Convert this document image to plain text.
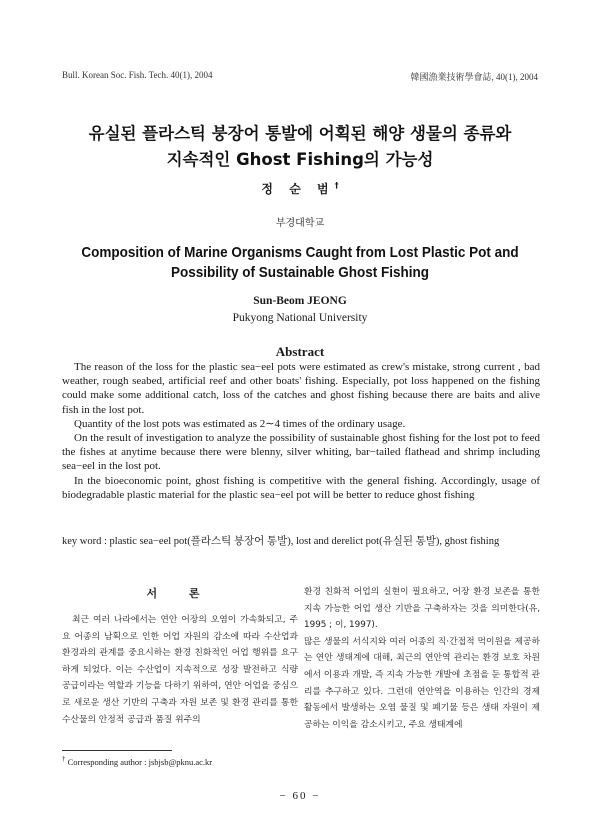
Bull. Korean Soc. Fish. Tech. 40(1), 2004	韓國漁業技術學會誌, 40(1), 2004
유실된 플라스틱 붕장어 통발에 어획된 해양 생물의 종류와
지속적인 Ghost Fishing의 가능성
정 순 범†
부경대학교
Composition of Marine Organisms Caught from Lost Plastic Pot and
Possibility of Sustainable Ghost Fishing
Sun-Beom JEONG
Pukyong National University
Abstract

The reason of the loss for the plastic sea−eel pots were estimated as crew's mistake, strong current , bad weather, rough seabed, artificial reef and other boats' fishing. Especially, pot loss happened on the fishing could make some additional catch, loss of the catches and ghost fishing because there are baits and alive fish in the lost pot.

Quantity of the lost pots was estimated as 2∼4 times of the ordinary usage.

On the result of investigation to analyze the possibility of sustainable ghost fishing for the lost pot to feed the fishes at anytime because there were blenny, silver whiting, bar−tailed flathead and shrimp including sea−eel in the lost pot.

In the bioeconomic point, ghost fishing is competitive with the general fishing. Accordingly, usage of biodegradable plastic material for the plastic sea−eel pot will be better to reduce ghost fishing

key word : plastic sea−eel pot(플라스틱 붕장어 통발), lost and derelict pot(유실된 통발), ghost fishing
서 론

최근 여러 나라에서는 연안 어장의 오염이 가속화되고, 주요 어종의 남획으로 인한 어업 자원의 감소에 따라 수산업과 환경과의 관계를 중요시하는 환경 친화적인 어업 행위를 요구하게 되었다. 이는 수산업이 지속적으로 성장 발전하고 식량 공급이라는 역할과 기능을 다하기 위하여, 연안 어업을 중심으로 새로운 생산 기반의 구축과 자원 보존 및 환경 관리를 통한 수산물의 안정적 공급과 품질 위주의

환경 친화적 어업의 실현이 필요하고, 어장 환경 보존을 통한 지속 가능한 어업 생산 기반을 구축하자는 것을 의미한다(유, 1995 ; 이, 1997).

많은 생물의 서식지와 여러 어종의 직·간접적 먹이원을 제공하는 연안 생태계에 대해, 최근의 연안역 관리는 환경 보호 차원에서 이용과 개발, 즉 지속 가능한 개발에 초점을 둔 통합적 관리를 추구하고 있다. 그런데 연안역을 이용하는 인간의 경제 활동에서 발생하는 오염 물질 및 폐기물 등은 생태 자원이 제공하는 이익을 감소시키고, 주요 생태계에

† Corresponding author : jsbjsb@pknu.ac.kr
− 60 −
